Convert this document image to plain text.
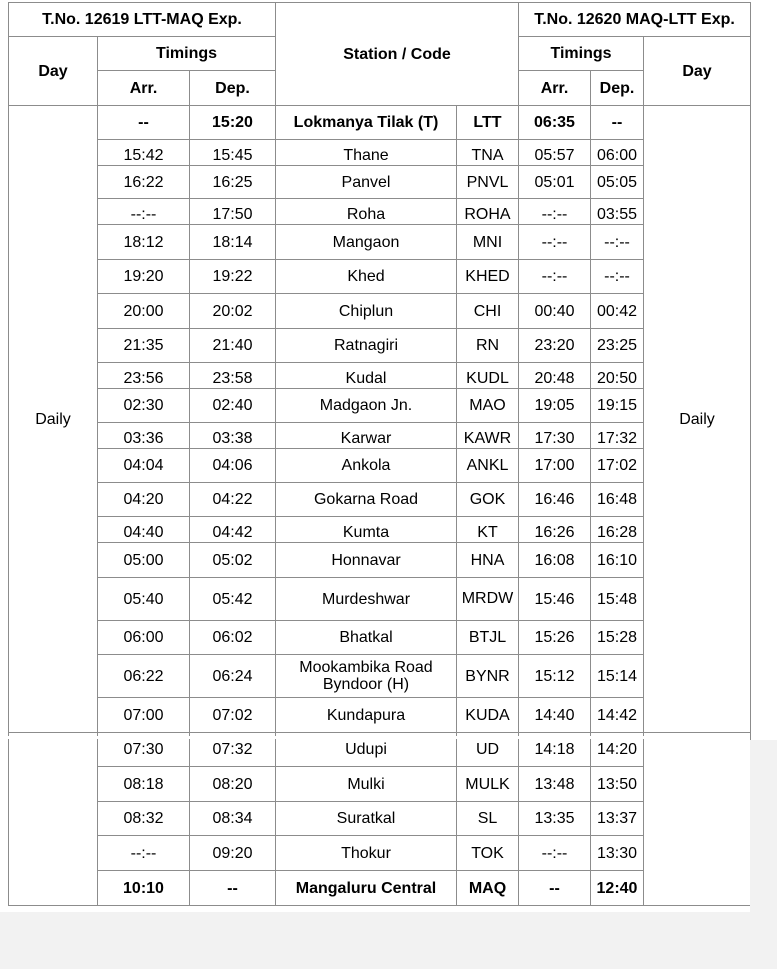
T.No. 12619 LTT-MAQ Exp.			Station / Code		T.No. 12620 MAQ-LTT Exp.		
Day	Timings				Timings		Day
	Arr.	Dep.			Arr.	Dep.	
Daily	--	15:20	Lokmanya Tilak (T)	LTT	06:35	--	Daily
	15:42	15:45	Thane	TNA	05:57	06:00	
	16:22	16:25	Panvel	PNVL	05:01	05:05	
	--:--	17:50	Roha	ROHA	--:--	03:55	
	18:12	18:14	Mangaon	MNI	--:--	--:--	
	19:20	19:22	Khed	KHED	--:--	--:--	
	20:00	20:02	Chiplun	CHI	00:40	00:42	
	21:35	21:40	Ratnagiri	RN	23:20	23:25	
	23:56	23:58	Kudal	KUDL	20:48	20:50	
	02:30	02:40	Madgaon Jn.	MAO	19:05	19:15	
	03:36	03:38	Karwar	KAWR	17:30	17:32	
	04:04	04:06	Ankola	ANKL	17:00	17:02	
	04:20	04:22	Gokarna Road	GOK	16:46	16:48	
	04:40	04:42	Kumta	KT	16:26	16:28	
	05:00	05:02	Honnavar	HNA	16:08	16:10	
	05:40	05:42	Murdeshwar	MRDW	15:46	15:48	
	06:00	06:02	Bhatkal	BTJL	15:26	15:28	
	06:22	06:24	Mookambika Road Byndoor (H)	BYNR	15:12	15:14	
	07:00	07:02	Kundapura	KUDA	14:40	14:42	
	07:30	07:32	Udupi	UD	14:18	14:20	
	08:18	08:20	Mulki	MULK	13:48	13:50	
	08:32	08:34	Suratkal	SL	13:35	13:37	
	--:--	09:20	Thokur	TOK	--:--	13:30	
	10:10	--	Mangaluru Central	MAQ	--	12:40	
